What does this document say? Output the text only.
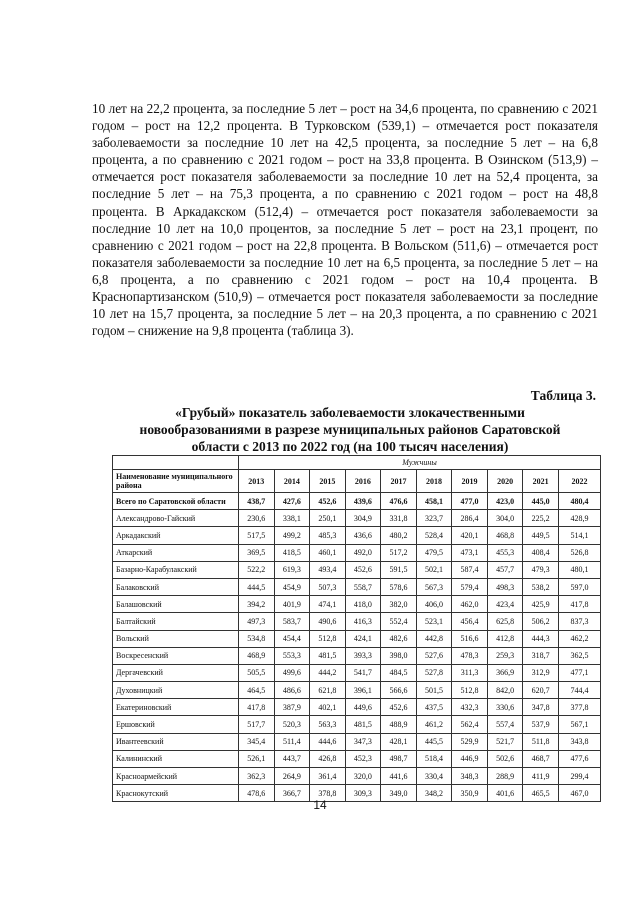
10 лет на 22,2 процента, за последние 5 лет – рост на 34,6 процента, по сравнению с 2021 годом – рост на 12,2 процента. В Турковском (539,1) – отмечается рост показателя заболеваемости за последние 10 лет на 42,5 процента, за последние 5 лет – на 6,8 процента, а по сравнению с 2021 годом – рост на 33,8 процента. В Озинском (513,9) – отмечается рост показателя заболеваемости за последние 10 лет на 52,4 процента, за последние 5 лет – на 75,3 процента, а по сравнению с 2021 годом – рост на 48,8 процента. В Аркадакском (512,4) – отмечается рост показателя заболеваемости за последние 10 лет на 10,0 процентов, за последние 5 лет – рост на 23,1 процент, по сравнению с 2021 годом – рост на 22,8 процента. В Вольском (511,6) – отмечается рост показателя заболеваемости за последние 10 лет на 6,5 процента, за последние 5 лет – на 6,8 процента, а по сравнению с 2021 годом – рост на 10,4 процента. В Краснопартизанском (510,9) – отмечается рост показателя заболеваемости за последние 10 лет на 15,7 процента, за последние 5 лет – на 20,3 процента, а по сравнению с 2021 годом – снижение на 9,8 процента (таблица 3).

Таблица 3.
«Грубый» показатель заболеваемости злокачественными новообразованиями в разрезе муниципальных районов Саратовской области с 2013 по 2022 год (на 100 тысяч населения)
	Мужчины									
Наименование муниципального района	2013	2014	2015	2016	2017	2018	2019	2020	2021	2022
Всего по Саратовской области	438,7	427,6	452,6	439,6	476,6	458,1	477,0	423,0	445,0	480,4
Александрово-Гайский	230,6	338,1	250,1	304,9	331,8	323,7	286,4	304,0	225,2	428,9
Аркадакский	517,5	499,2	485,3	436,6	480,2	528,4	420,1	468,8	449,5	514,1
Аткарский	369,5	418,5	460,1	492,0	517,2	479,5	473,1	455,3	408,4	526,8
Базарно-Карабулакский	522,2	619,3	493,4	452,6	591,5	502,1	587,4	457,7	479,3	480,1
Балаковский	444,5	454,9	507,3	558,7	578,6	567,3	579,4	498,3	538,2	597,0
Балашовский	394,2	401,9	474,1	418,0	382,0	406,0	462,0	423,4	425,9	417,8
Балтайский	497,3	583,7	490,6	416,3	552,4	523,1	456,4	625,8	506,2	837,3
Вольский	534,8	454,4	512,8	424,1	482,6	442,8	516,6	412,8	444,3	462,2
Воскресенский	468,9	553,3	481,5	393,3	398,0	527,6	478,3	259,3	318,7	362,5
Дергачевский	505,5	499,6	444,2	541,7	484,5	527,8	311,3	366,9	312,9	477,1
Духовницкий	464,5	486,6	621,8	396,1	566,6	501,5	512,8	842,0	620,7	744,4
Екатериновский	417,8	387,9	402,1	449,6	452,6	437,5	432,3	330,6	347,8	377,8
Ершовский	517,7	520,3	563,3	481,5	488,9	461,2	562,4	557,4	537,9	567,1
Ивантеевский	345,4	511,4	444,6	347,3	428,1	445,5	529,9	521,7	511,8	343,8
Калининский	526,1	443,7	426,8	452,3	498,7	518,4	446,9	502,6	468,7	477,6
Красноармейский	362,3	264,9	361,4	320,0	441,6	330,4	348,3	288,9	411,9	299,4
Краснокутский	478,6	366,7	378,8	309,3	349,0	348,2	350,9	401,6	465,5	467,0
14
